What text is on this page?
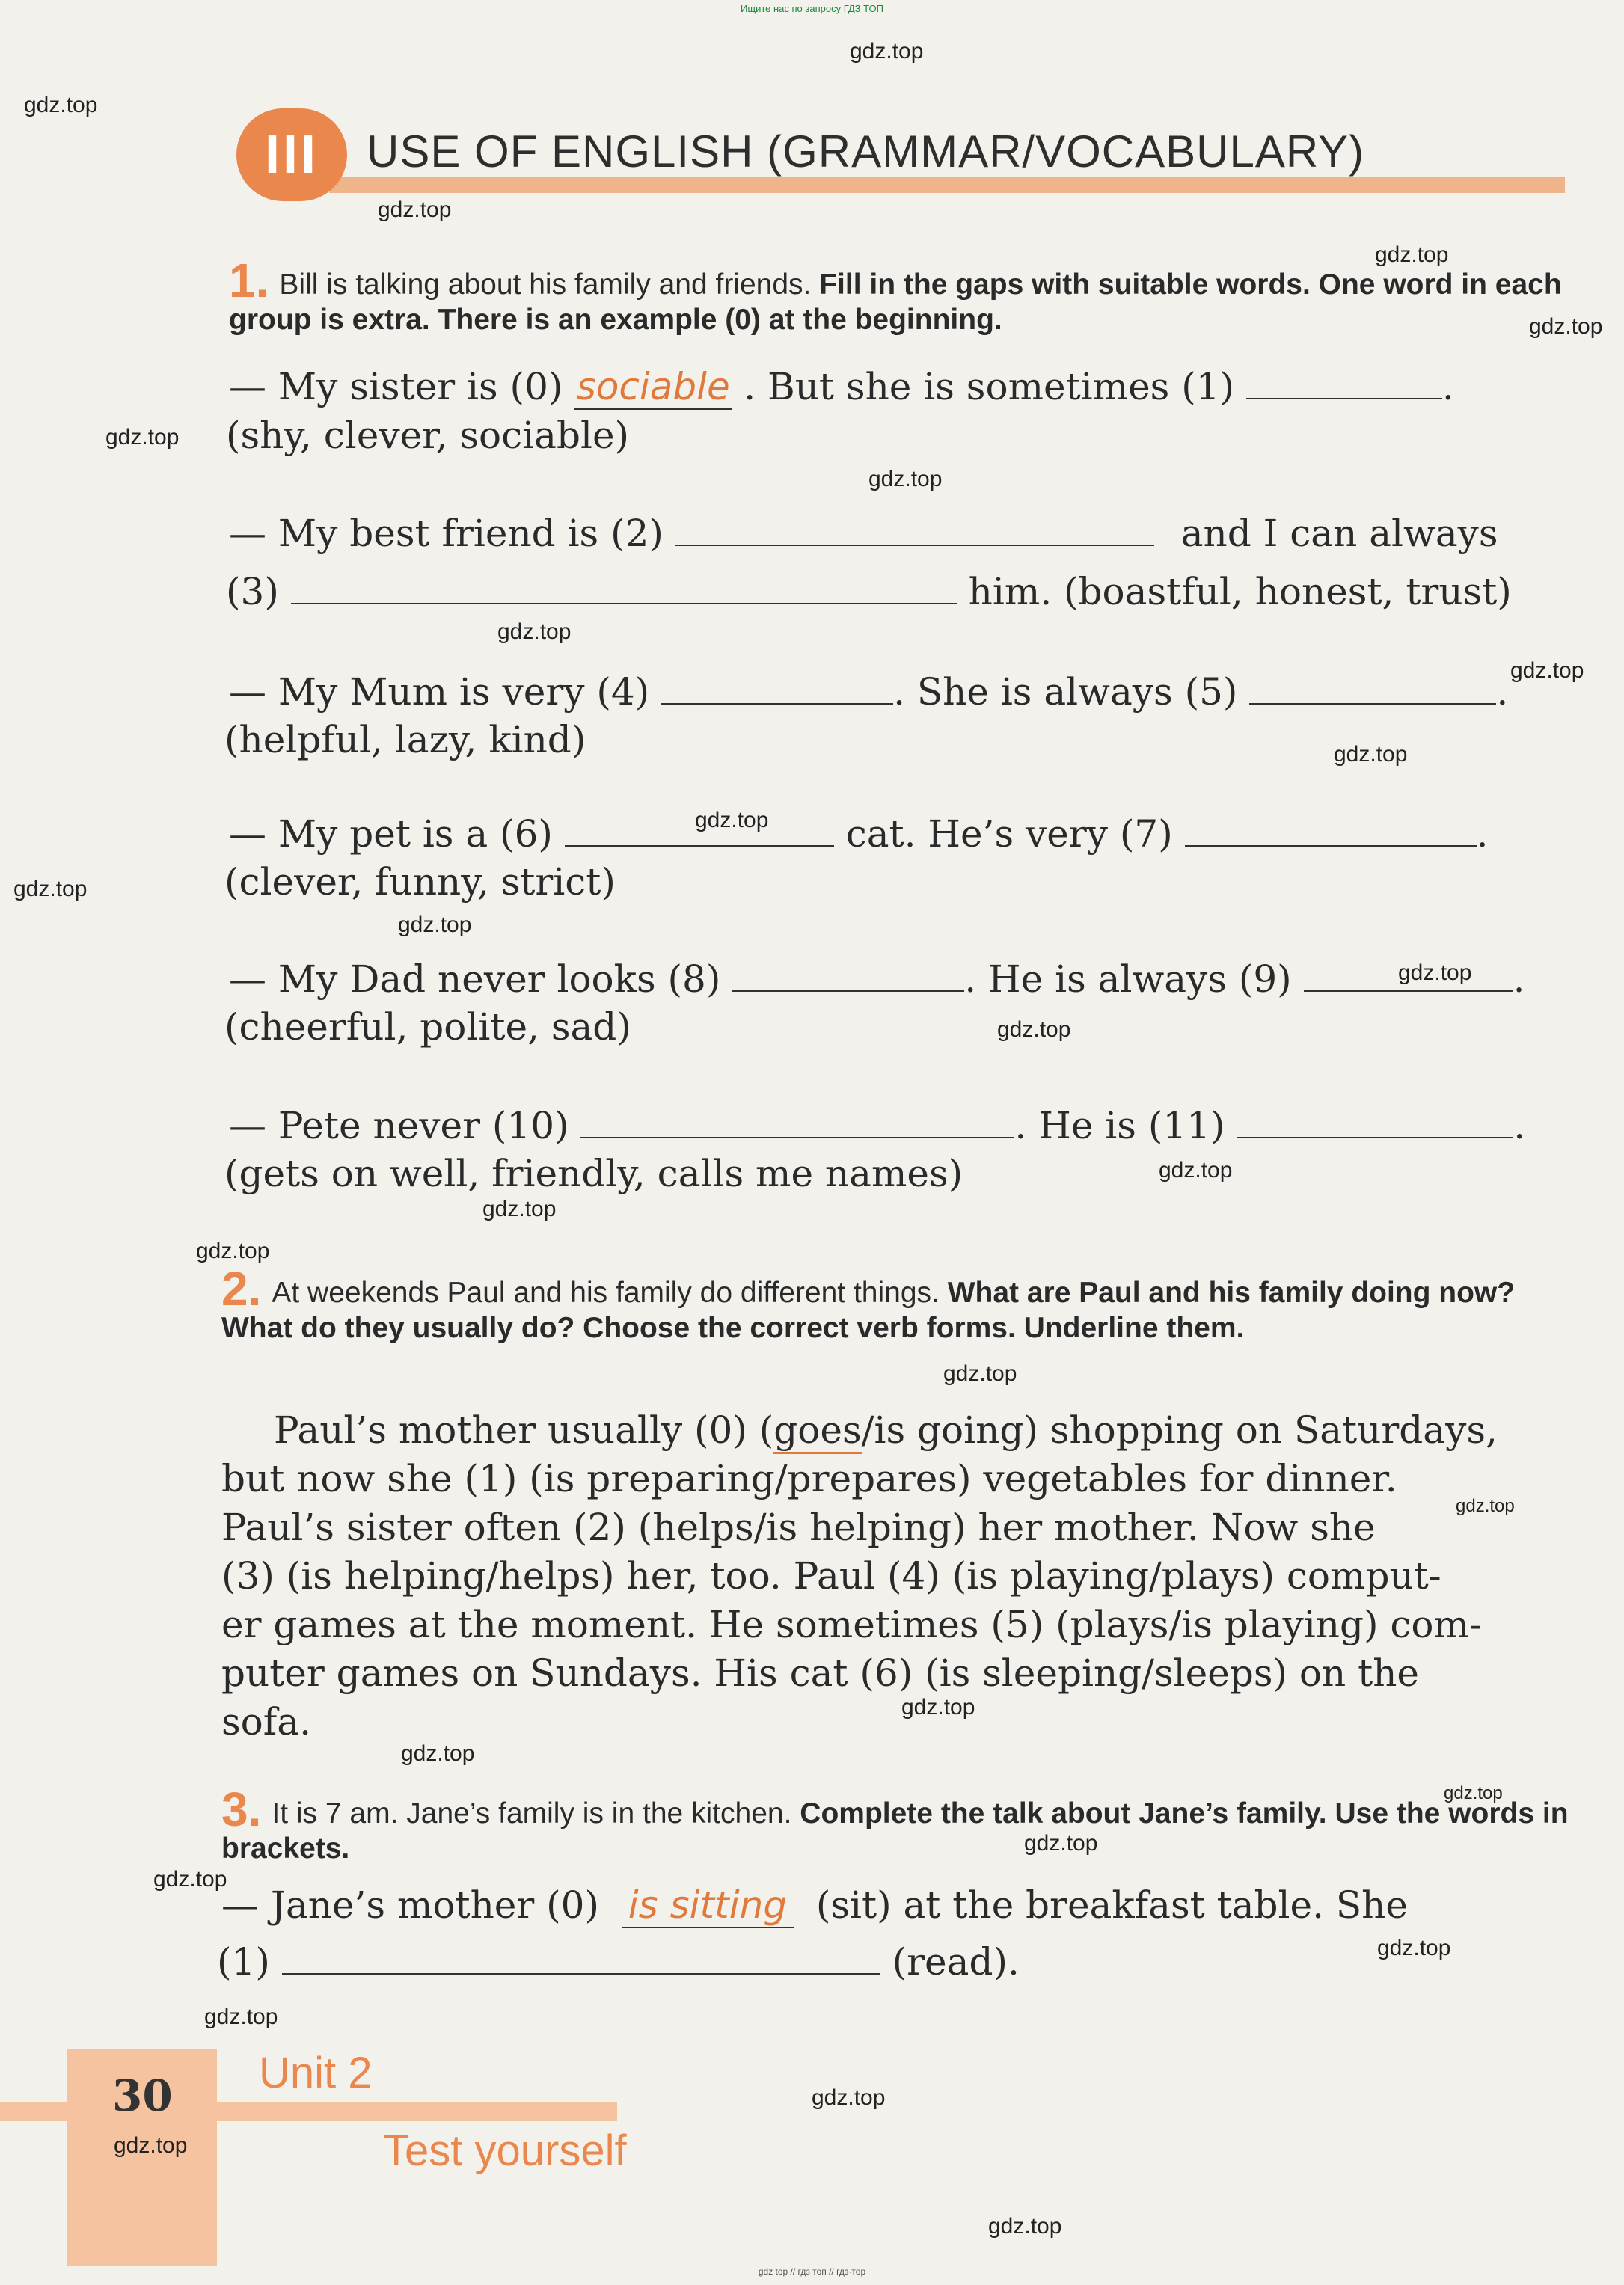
Ищите нас по запросу ГДЗ ТОП
III	USE OF ENGLISH (GRAMMAR/VOCABULARY)
1. Bill is talking about his family and friends. Fill in the gaps with suitable words. One word in each group is extra. There is an example (0) at the beginning.
— My sister is (0) sociable . But she is sometimes (1)	.
(shy, clever, sociable)
— My best friend is (2)	and I can always
(3)	him. (boastful, honest, trust)
— My Mum is very (4)	. She is always (5)	.
(helpful, lazy, kind)
— My pet is a (6)	cat. He’s very (7)	.
(clever, funny, strict)
— My Dad never looks (8)	. He is always (9)	.
(cheerful, polite, sad)
— Pete never (10)	. He is (11)	.
(gets on well, friendly, calls me names)
2. At weekends Paul and his family do different things. What are Paul and his family doing now? What do they usually do? Choose the correct verb forms. Underline them.
Paul’s mother usually (0) (goes/is going) shopping on Saturdays,
but now she (1) (is preparing/prepares) vegetables for dinner.
Paul’s sister often (2) (helps/is helping) her mother. Now she
(3) (is helping/helps) her, too. Paul (4) (is playing/plays) comput-
er games at the moment. He sometimes (5) (plays/is playing) com-
puter games on Sundays. His cat (6) (is sleeping/sleeps) on the
sofa.
3. It is 7 am. Jane’s family is in the kitchen. Complete the talk about Jane’s family. Use the words in brackets.
— Jane’s mother (0) is sitting (sit) at the breakfast table. She
(1)	(read).
30 Unit 2
Test yourself
gdz top // гдз топ // гдз·тор
gdz.top
gdz.top
gdz.top
gdz.top
gdz.top
gdz.top
gdz.top
gdz.top
gdz.top
gdz.top
gdz.top
gdz.top
gdz.top
gdz.top
gdz.top
gdz.top
gdz.top
gdz.top
gdz.top
gdz.top
gdz.top
gdz.top
gdz.top
gdz.top
gdz.top
gdz.top
gdz.top
gdz.top
gdz.top
gdz.top
